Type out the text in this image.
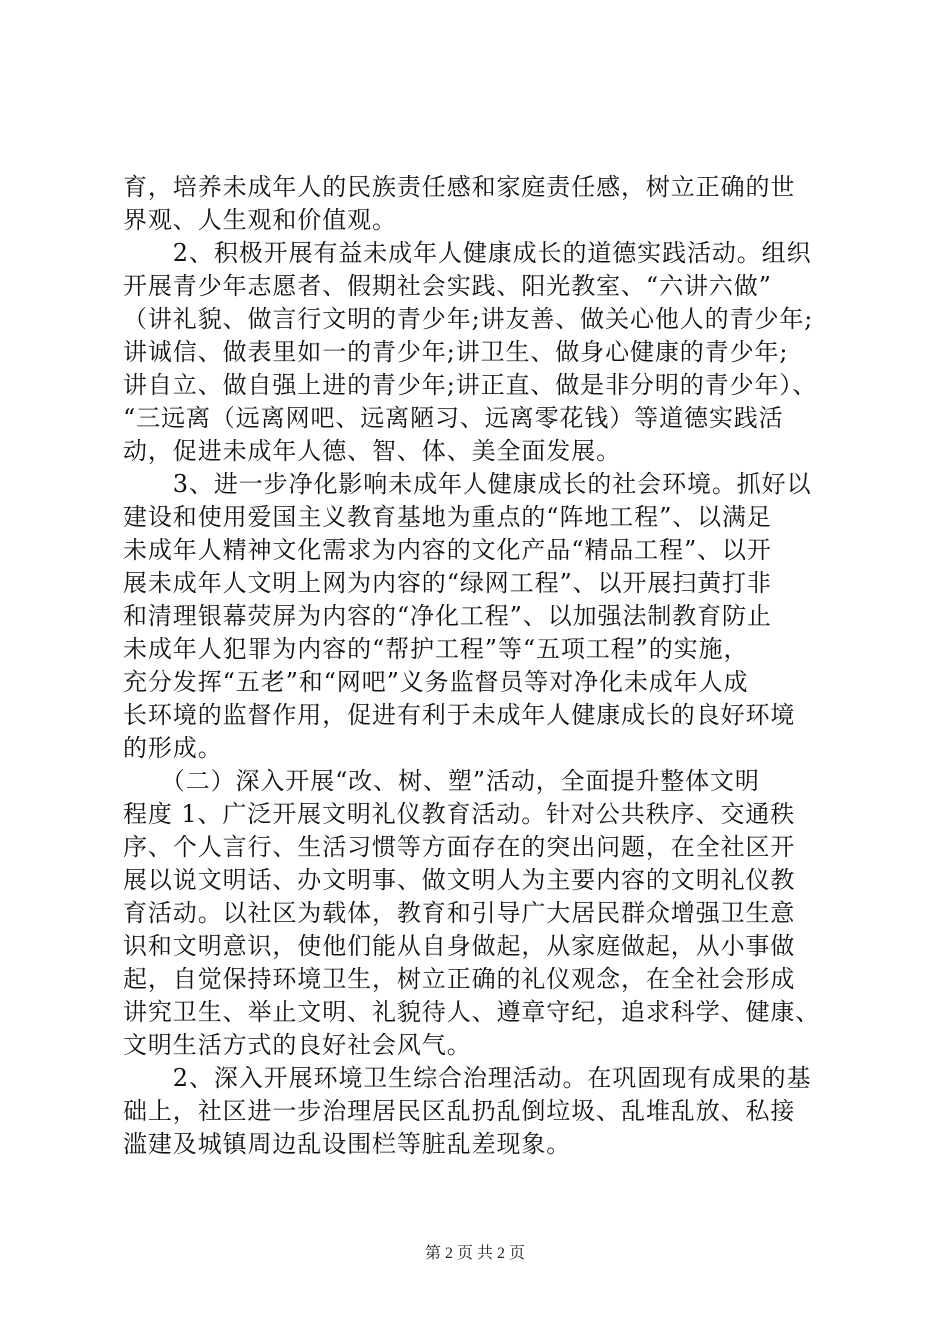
育，培养未成年人的民族责任感和家庭责任感，树立正确的世
界观、人生观和价值观。
　　2、积极开展有益未成年人健康成长的道德实践活动。组织
开展青少年志愿者、假期社会实践、阳光教室、“六讲六做”
（讲礼貌、做言行文明的青少年;讲友善、做关心他人的青少年;
讲诚信、做表里如一的青少年;讲卫生、做身心健康的青少年;
讲自立、做自强上进的青少年;讲正直、做是非分明的青少年）、
“三远离（远离网吧、远离陋习、远离零花钱）等道德实践活
动，促进未成年人德、智、体、美全面发展。
　　3、进一步净化影响未成年人健康成长的社会环境。抓好以
建设和使用爱国主义教育基地为重点的“阵地工程”、以满足
未成年人精神文化需求为内容的文化产品“精品工程”、以开
展未成年人文明上网为内容的“绿网工程”、以开展扫黄打非
和清理银幕荧屏为内容的“净化工程”、以加强法制教育防止
未成年人犯罪为内容的“帮护工程”等“五项工程”的实施，
充分发挥“五老”和“网吧”义务监督员等对净化未成年人成
长环境的监督作用，促进有利于未成年人健康成长的良好环境
的形成。
　　（二）深入开展“改、树、塑”活动，全面提升整体文明
程度 1、广泛开展文明礼仪教育活动。针对公共秩序、交通秩
序、个人言行、生活习惯等方面存在的突出问题，在全社区开
展以说文明话、办文明事、做文明人为主要内容的文明礼仪教
育活动。以社区为载体，教育和引导广大居民群众增强卫生意
识和文明意识，使他们能从自身做起，从家庭做起，从小事做
起，自觉保持环境卫生，树立正确的礼仪观念，在全社会形成
讲究卫生、举止文明、礼貌待人、遵章守纪，追求科学、健康、
文明生活方式的良好社会风气。
　　2、深入开展环境卫生综合治理活动。在巩固现有成果的基
础上，社区进一步治理居民区乱扔乱倒垃圾、乱堆乱放、私接
滥建及城镇周边乱设围栏等脏乱差现象。
第 2 页 共 2 页
